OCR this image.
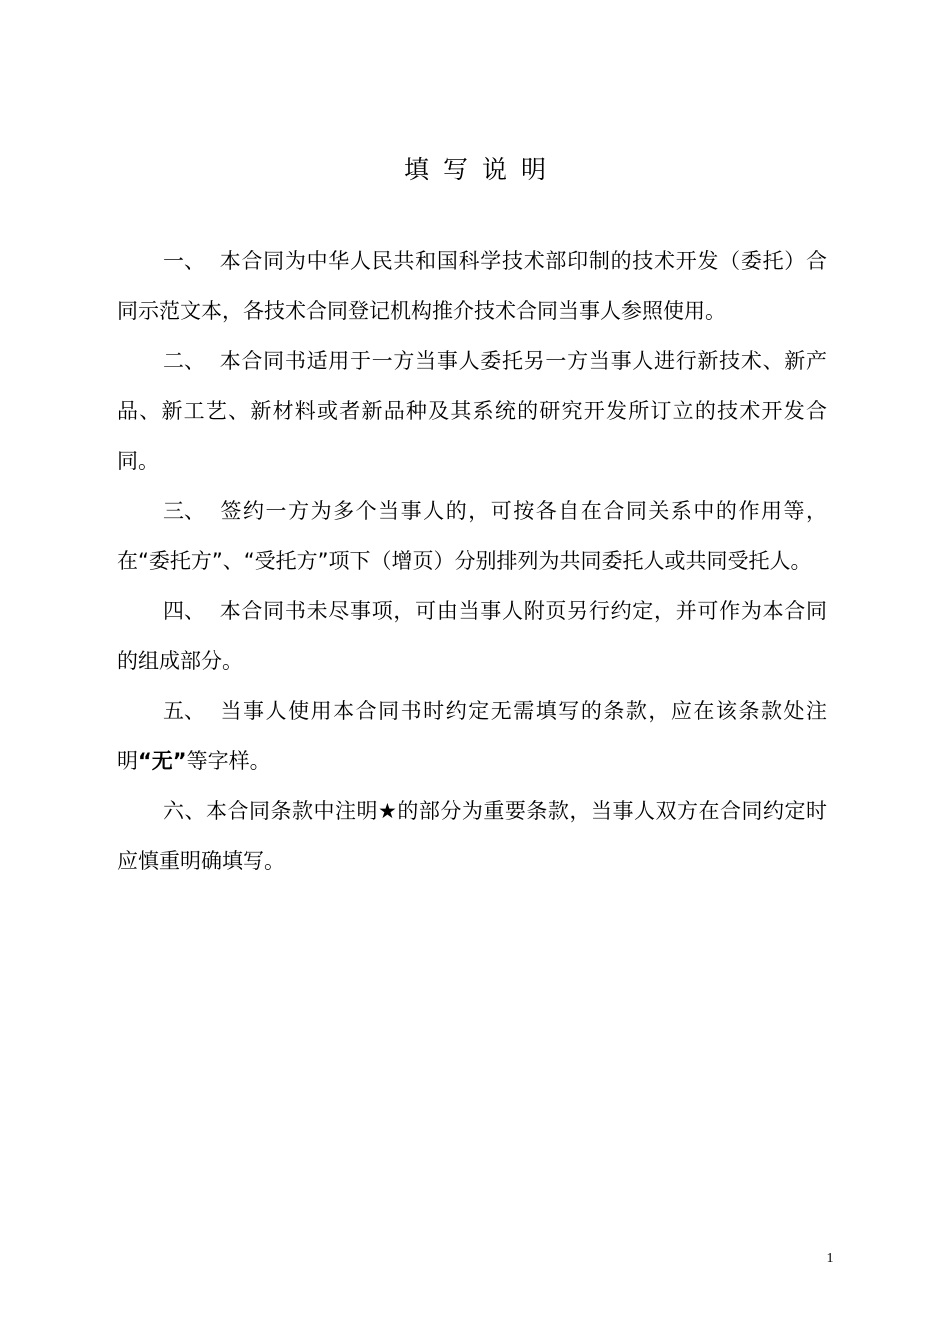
填写说明

一、 本合同为中华人民共和国科学技术部印制的技术开发（委托）合同示范文本，各技术合同登记机构推介技术合同当事人参照使用。

二、 本合同书适用于一方当事人委托另一方当事人进行新技术、新产品、新工艺、新材料或者新品种及其系统的研究开发所订立的技术开发合同。

三、 签约一方为多个当事人的，可按各自在合同关系中的作用等，在“委托方”、“受托方”项下（增页）分别排列为共同委托人或共同受托人。

四、 本合同书未尽事项，可由当事人附页另行约定，并可作为本合同的组成部分。

五、 当事人使用本合同书时约定无需填写的条款，应在该条款处注明“无”等字样。

六、本合同条款中注明★的部分为重要条款，当事人双方在合同约定时应慎重明确填写。

1
